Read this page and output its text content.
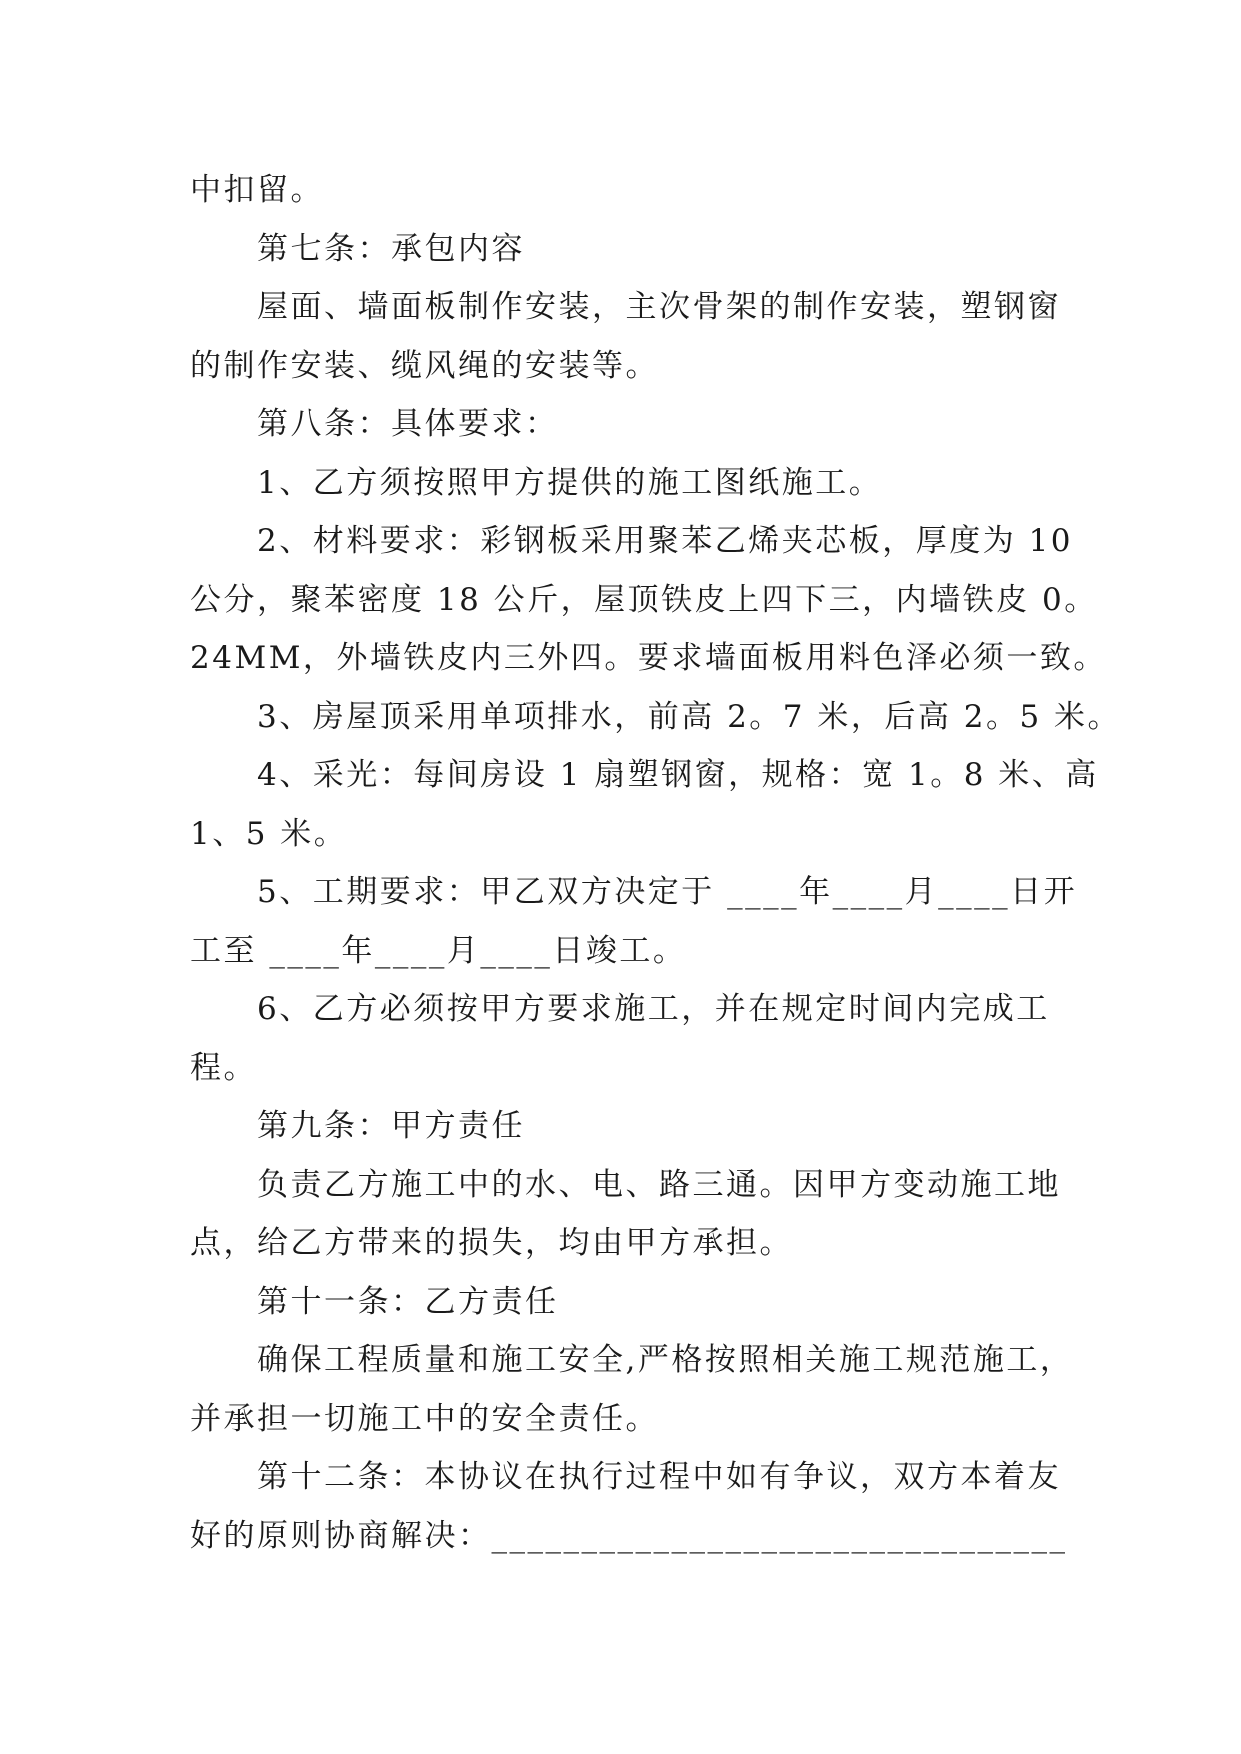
中扣留。
第七条：承包内容
屋面、墙面板制作安装，主次骨架的制作安装，塑钢窗
的制作安装、缆风绳的安装等。
第八条：具体要求：
1、乙方须按照甲方提供的施工图纸施工。
2、材料要求：彩钢板采用聚苯乙烯夹芯板，厚度为 10
公分，聚苯密度 18 公斤，屋顶铁皮上四下三，内墙铁皮 0。
24MM，外墙铁皮内三外四。要求墙面板用料色泽必须一致。
3、房屋顶采用单项排水，前高 2。7 米，后高 2。5 米。
4、采光：每间房设 1 扇塑钢窗，规格：宽 1。8 米、高
1、5 米。
5、工期要求：甲乙双方决定于 ____年____月____日开
工至 ____年____月____日竣工。
6、乙方必须按甲方要求施工，并在规定时间内完成工
程。
第九条：甲方责任
负责乙方施工中的水、电、路三通。因甲方变动施工地
点，给乙方带来的损失，均由甲方承担。
第十一条：乙方责任
确保工程质量和施工安全,严格按照相关施工规范施工，
并承担一切施工中的安全责任。
第十二条：本协议在执行过程中如有争议，双方本着友
好的原则协商解决：________________________________
